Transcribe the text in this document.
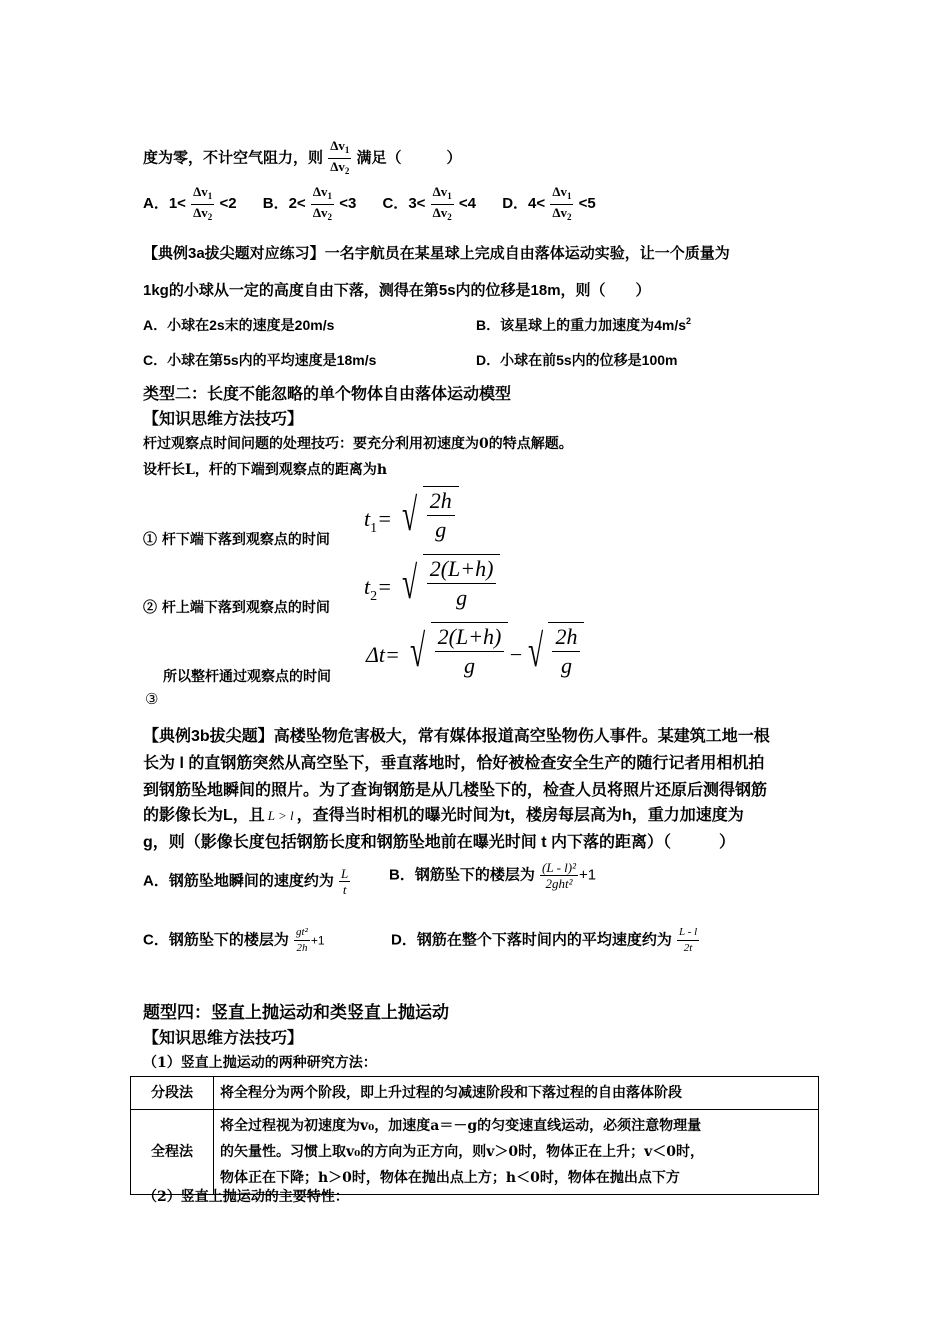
度为零，不计空气阻力，则 $\frac{\Delta v_1}{\Delta v_2}$ 满足（　　　）
A．$1< \frac{\Delta v_1}{\Delta v_2} <2$ B．$2< \frac{\Delta v_1}{\Delta v_2} <3$ C．$3< \frac{\Delta v_1}{\Delta v_2} <4$ D．$4< \frac{\Delta v_1}{\Delta v_2} <5$
【典例3a拔尖题对应练习】一名宇航员在某星球上完成自由落体运动实验，让一个质量为
1kg的小球从一定的高度自由下落，测得在第5s内的位移是18m，则（　　）
A．小球在2s末的速度是20m/s	B．该星球上的重力加速度为$4m/s^2$
C．小球在第5s内的平均速度是18m/s	D．小球在前5s内的位移是100m
类型二：长度不能忽略的单个物体自由落体运动模型
【知识思维方法技巧】
杆过观察点时间问题的处理技巧：要充分利用初速度为0的特点解题。
设杆长L，杆的下端到观察点的距离为h
① 杆下端下落到观察点的时间
$t_1=$ √ $\frac{2h}{g}$
② 杆上端下落到观察点的时间
$t_2=$ √ $\frac{2(L+h)}{g}$
所以整杆通过观察点的时间
③
Δt= √ $\frac{2(L+h)}{g}$ − √ $\frac{2h}{g}$
【典例3b拔尖题】高楼坠物危害极大，常有媒体报道高空坠物伤人事件。某建筑工地一根
长为 l 的直钢筋突然从高空坠下，垂直落地时，恰好被检查安全生产的随行记者用相机拍
到钢筋坠地瞬间的照片。为了查询钢筋是从几楼坠下的，检查人员将照片还原后测得钢筋
的影像长为L，且 L > l ，查得当时相机的曝光时间为t，楼房每层高为h，重力加速度为
g，则（影像长度包括钢筋长度和钢筋坠地前在曝光时间 t 内下落的距离）（　　　）
A．钢筋坠地瞬间的速度约为 $\frac{L}{t}$	B．钢筋坠下的楼层为 $\frac{\text{(L - l)²}}{\text{2ght²}} +1$
C．钢筋坠下的楼层为 $\frac{\text{gt²}}{2h} +1$	D．钢筋在整个下落时间内的平均速度约为 $\frac{L - l}{2t}$
题型四：竖直上抛运动和类竖直上抛运动
【知识思维方法技巧】
（1）竖直上抛运动的两种研究方法：
分段法	将全程分为两个阶段，即上升过程的匀减速阶段和下落过程的自由落体阶段

全程法	将全过程视为初速度为v₀，加速度a＝－g的匀变速直线运动，必须注意物理量
的矢量性。习惯上取v₀的方向为正方向，则v＞0时，物体正在上升；v＜0时，
物体正在下降；h＞0时，物体在抛出点上方；h＜0时，物体在抛出点下方
（2）竖直上抛运动的主要特性：
